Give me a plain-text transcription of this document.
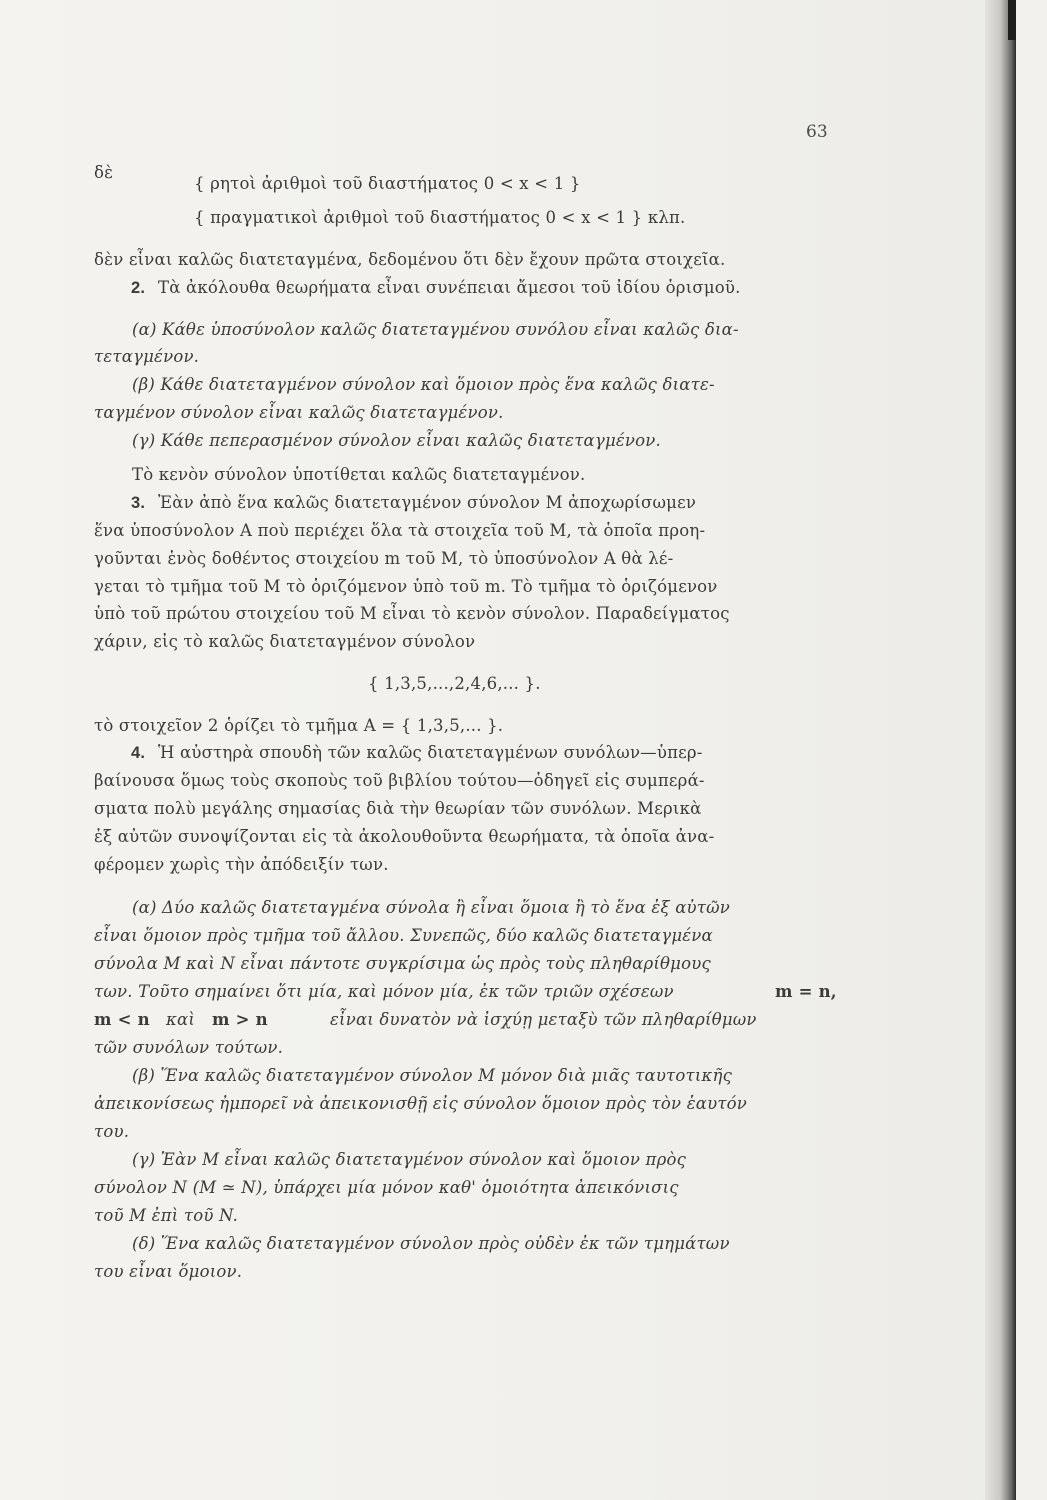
63
δὲ
{ ρητοὶ ἀριθμοὶ τοῦ διαστήματος 0 < x < 1 }
{ πραγματικοὶ ἀριθμοὶ τοῦ διαστήματος 0 < x < 1 } κλπ.
δὲν εἶναι καλῶς διατεταγμένα, δεδομένου ὅτι δὲν ἔχουν πρῶτα στοιχεῖα.
2. Τὰ ἀκόλουθα θεωρήματα εἶναι συνέπειαι ἄμεσοι τοῦ ἰδίου ὁρισμοῦ.
(α) Κάθε ὑποσύνολον καλῶς διατεταγμένου συνόλου εἶναι καλῶς δια-
τεταγμένον.
(β) Κάθε διατεταγμένον σύνολον καὶ ὅμοιον πρὸς ἕνα καλῶς διατε-
ταγμένον σύνολον εἶναι καλῶς διατεταγμένον.
(γ) Κάθε πεπερασμένον σύνολον εἶναι καλῶς διατεταγμένον.
Τὸ κενὸν σύνολον ὑποτίθεται καλῶς διατεταγμένον.
3. Ἐὰν ἀπὸ ἕνα καλῶς διατεταγμένον σύνολον M ἀποχωρίσωμεν
ἕνα ὑποσύνολον A ποὺ περιέχει ὅλα τὰ στοιχεῖα τοῦ M, τὰ ὁποῖα προη-
γοῦνται ἑνὸς δοθέντος στοιχείου m τοῦ M, τὸ ὑποσύνολον A θὰ λέ-
γεται τὸ τμῆμα τοῦ M τὸ ὁριζόμενον ὑπὸ τοῦ m. Τὸ τμῆμα τὸ ὁριζόμενον
ὑπὸ τοῦ πρώτου στοιχείου τοῦ M εἶναι τὸ κενὸν σύνολον. Παραδείγματος
χάριν, εἰς τὸ καλῶς διατεταγμένον σύνολον
{ 1,3,5,...,2,4,6,... }.
τὸ στοιχεῖον 2 ὁρίζει τὸ τμῆμα A = { 1,3,5,... }.
4. Ἡ αὐστηρὰ σπουδὴ τῶν καλῶς διατεταγμένων συνόλων—ὑπερ-
βαίνουσα ὅμως τοὺς σκοποὺς τοῦ βιβλίου τούτου—ὁδηγεῖ εἰς συμπερά-
σματα πολὺ μεγάλης σημασίας διὰ τὴν θεωρίαν τῶν συνόλων. Μερικὰ
ἐξ αὐτῶν συνοψίζονται εἰς τὰ ἀκολουθοῦντα θεωρήματα, τὰ ὁποῖα ἀνα-
φέρομεν χωρὶς τὴν ἀπόδειξίν των.
(α) Δύο καλῶς διατεταγμένα σύνολα ἢ εἶναι ὅμοια ἢ τὸ ἕνα ἐξ αὐτῶν
εἶναι ὅμοιον πρὸς τμῆμα τοῦ ἄλλου. Συνεπῶς, δύο καλῶς διατεταγμένα
σύνολα M καὶ N εἶναι πάντοτε συγκρίσιμα ὡς πρὸς τοὺς πληθαρίθμους
των. Τοῦτο σημαίνει ὅτι μία, καὶ μόνον μία, ἐκ τῶν τριῶν σχέσεων	m = n,
m < n καὶ m > n	εἶναι δυνατὸν νὰ ἰσχύῃ μεταξὺ τῶν πληθαρίθμων
τῶν συνόλων τούτων.
(β) Ἕνα καλῶς διατεταγμένον σύνολον M μόνον διὰ μιᾶς ταυτοτικῆς
ἀπεικονίσεως ἠμπορεῖ νὰ ἀπεικονισθῇ εἰς σύνολον ὅμοιον πρὸς τὸν ἑαυτόν
του.
(γ) Ἐὰν M εἶναι καλῶς διατεταγμένον σύνολον καὶ ὅμοιον πρὸς
σύνολον N (M ≃ N), ὑπάρχει μία μόνον καθ' ὁμοιότητα ἀπεικόνισις
τοῦ M ἐπὶ τοῦ N.
(δ) Ἕνα καλῶς διατεταγμένον σύνολον πρὸς οὐδὲν ἐκ τῶν τμημάτων
του εἶναι ὅμοιον.
